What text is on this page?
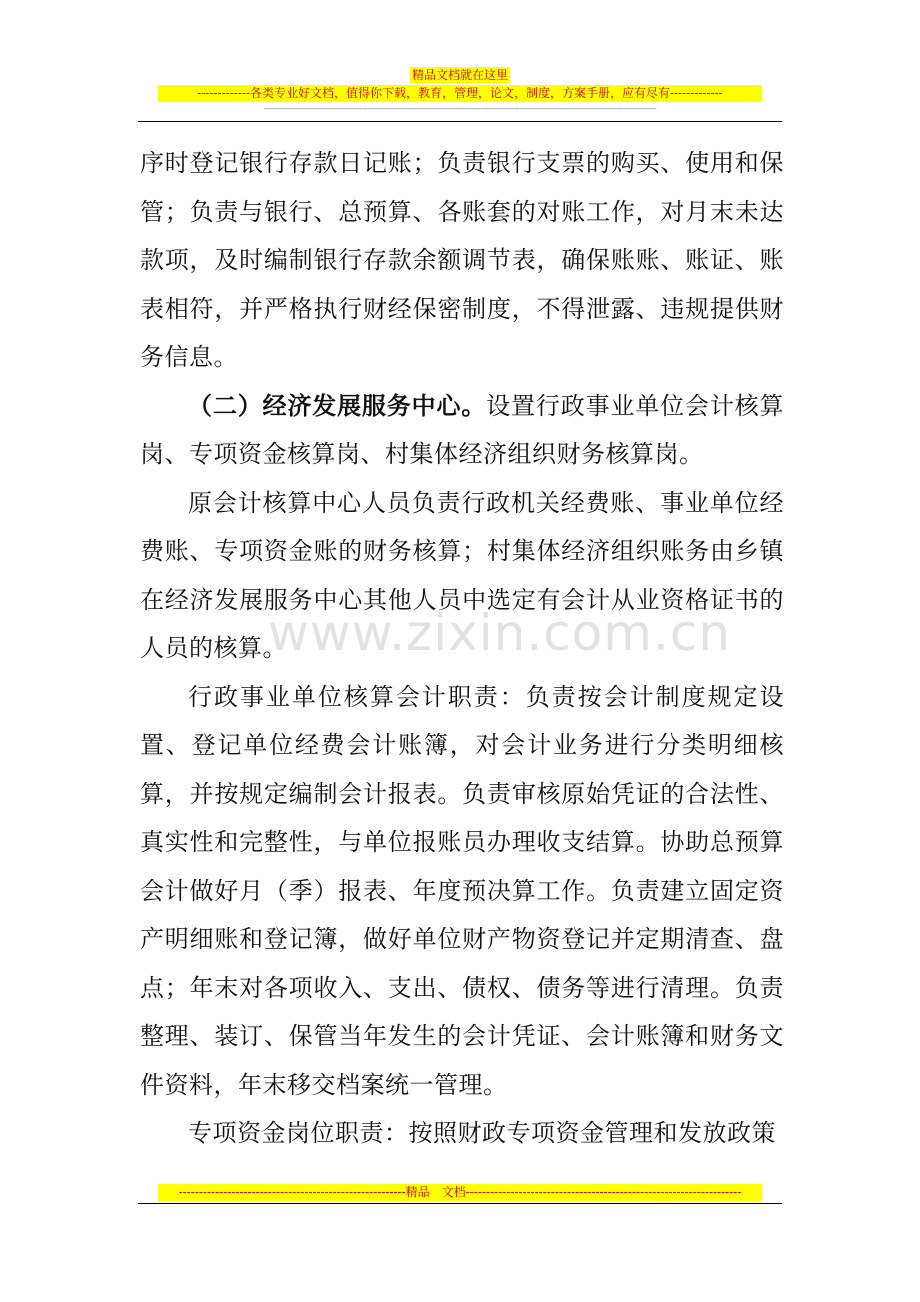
精品文档就在这里
-------------各类专业好文档，值得你下载，教育，管理，论文，制度，方案手册，应有尽有-------------
----------------------------------------------------------------------------------------------------------------------------------------------------------------------------------

序时登记银行存款日记账；负责银行支票的购买、使用和保管；负责与银行、总预算、各账套的对账工作，对月末未达款项，及时编制银行存款余额调节表，确保账账、账证、账表相符，并严格执行财经保密制度，不得泄露、违规提供财务信息。

（二）经济发展服务中心。设置行政事业单位会计核算岗、专项资金核算岗、村集体经济组织财务核算岗。

原会计核算中心人员负责行政机关经费账、事业单位经费账、专项资金账的财务核算；村集体经济组织账务由乡镇在经济发展服务中心其他人员中选定有会计从业资格证书的人员的核算。

行政事业单位核算会计职责：负责按会计制度规定设置、登记单位经费会计账簿，对会计业务进行分类明细核算，并按规定编制会计报表。负责审核原始凭证的合法性、真实性和完整性，与单位报账员办理收支结算。协助总预算会计做好月（季）报表、年度预决算工作。负责建立固定资产明细账和登记簿，做好单位财产物资登记并定期清查、盘点；年末对各项收入、支出、债权、债务等进行清理。负责整理、装订、保管当年发生的会计凭证、会计账簿和财务文件资料，年末移交档案统一管理。

专项资金岗位职责：按照财政专项资金管理和发放政策

www.zixin.com.cn
--------------------------------------------------------精品　文档--------------------------------------------------------------------
